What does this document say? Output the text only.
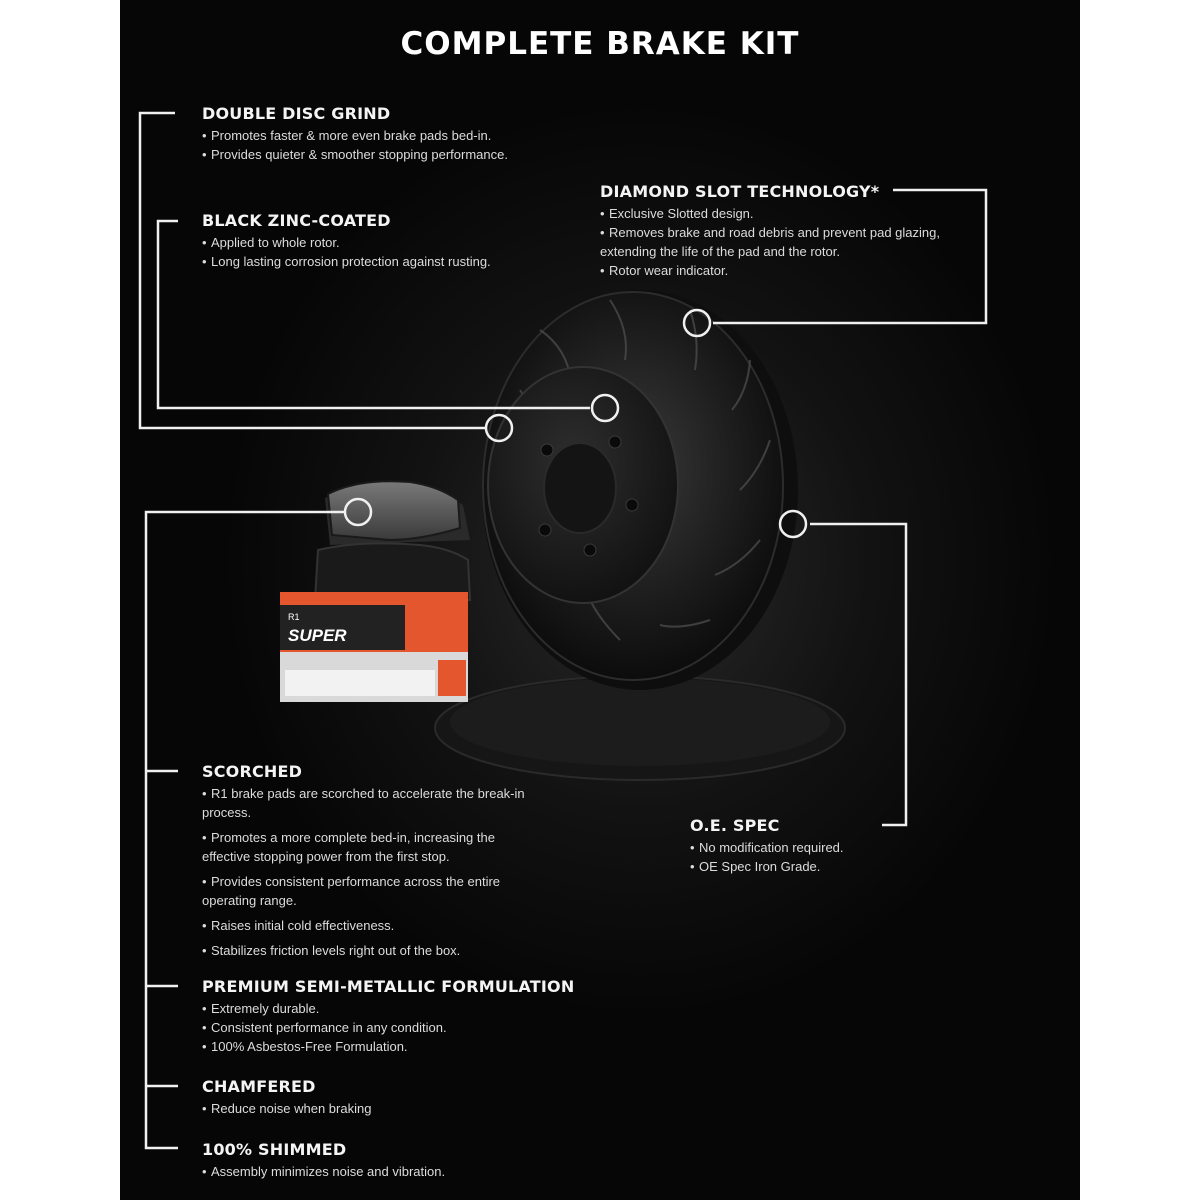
COMPLETE BRAKE KIT
R1
SUPER
DOUBLE DISC GRIND
• Promotes faster & more even brake pads bed-in.
• Provides quieter & smoother stopping performance.
BLACK ZINC-COATED
• Applied to whole rotor.
• Long lasting corrosion protection against rusting.
DIAMOND SLOT TECHNOLOGY*
• Exclusive Slotted design.
• Removes brake and road debris and prevent pad glazing, extending the life of the pad and the rotor.
• Rotor wear indicator.
O.E. SPEC
• No modification required.
• OE Spec Iron Grade.
SCORCHED
• R1 brake pads are scorched to accelerate the break-in process.
• Promotes a more complete bed-in, increasing the effective stopping power from the first stop.
• Provides consistent performance across the entire operating range.
• Raises initial cold effectiveness.
• Stabilizes friction levels right out of the box.
PREMIUM SEMI-METALLIC FORMULATION
• Extremely durable.
• Consistent performance in any condition.
• 100% Asbestos-Free Formulation.
CHAMFERED
• Reduce noise when braking
100% SHIMMED
• Assembly minimizes noise and vibration.
